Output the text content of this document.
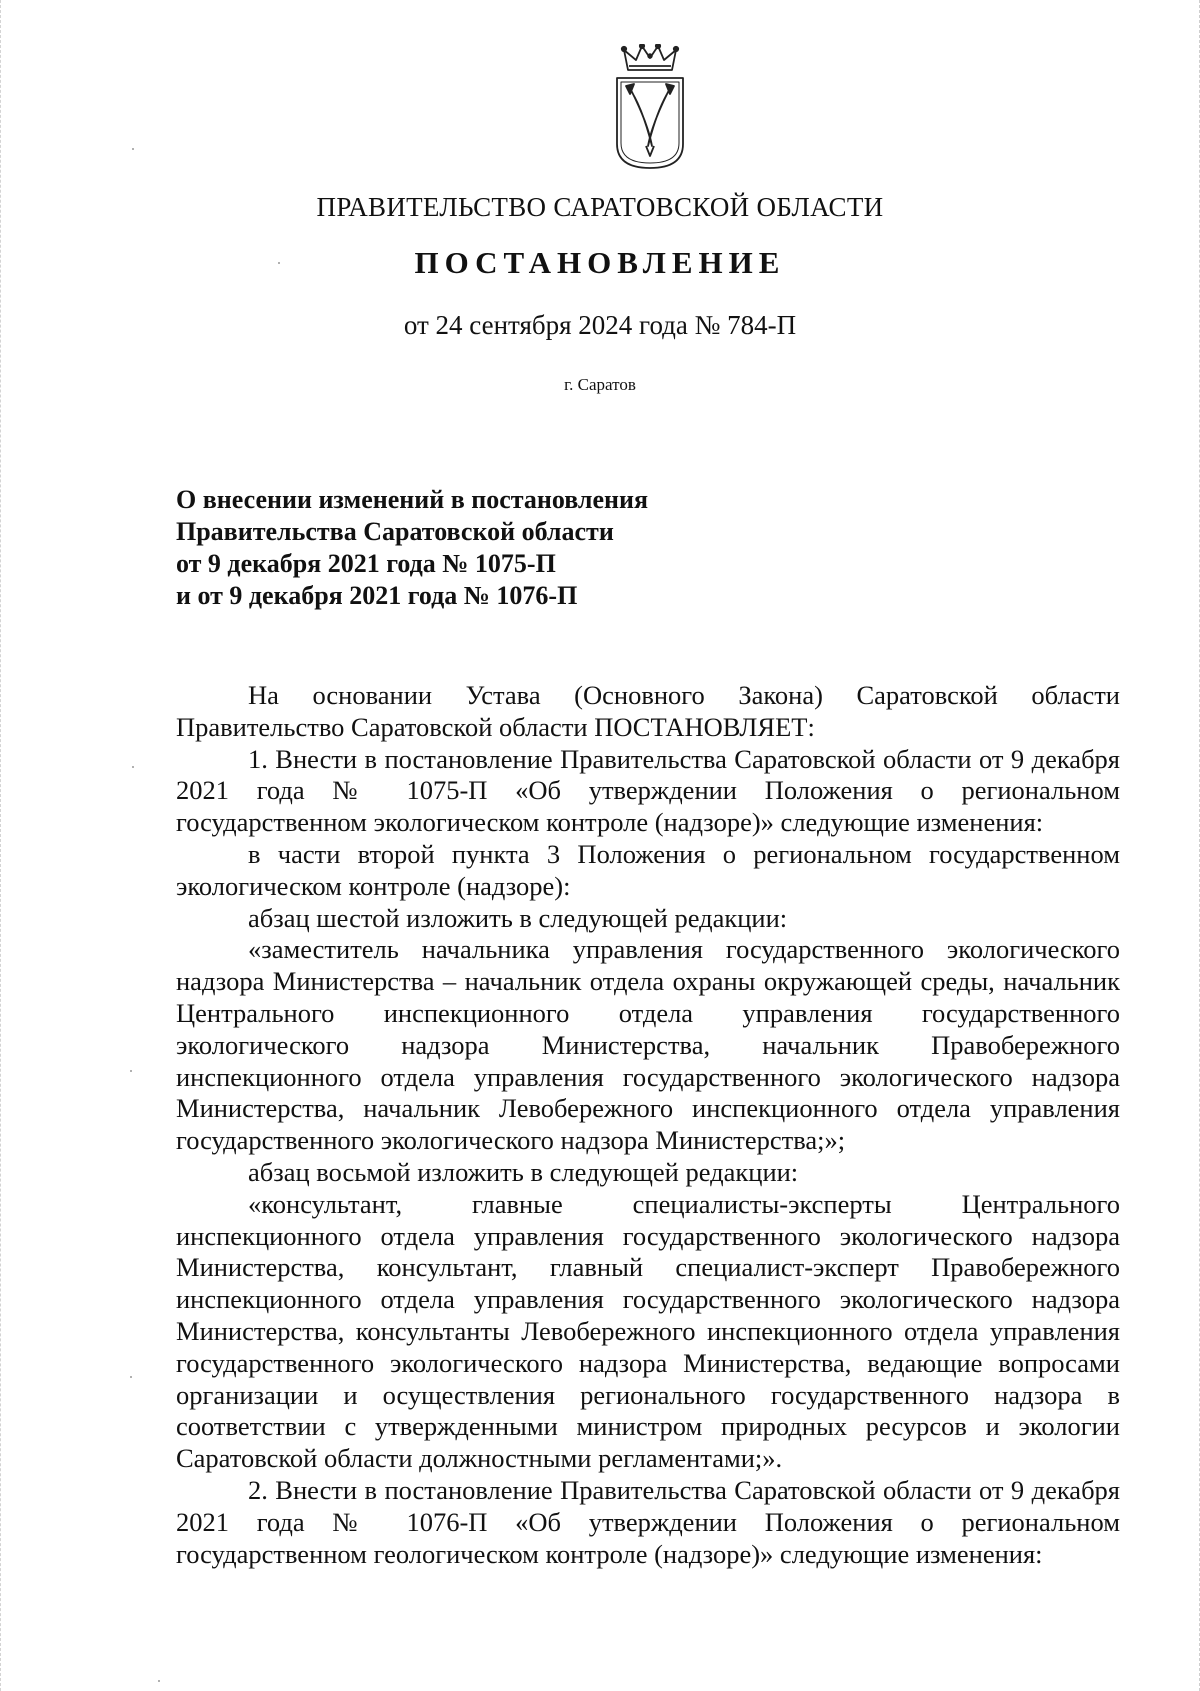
ПРАВИТЕЛЬСТВО САРАТОВСКОЙ ОБЛАСТИ
ПОСТАНОВЛЕНИЕ
от 24 сентября 2024 года № 784-П
г. Саратов
О внесении изменений в постановления
Правительства Саратовской области
от 9 декабря 2021 года № 1075-П
и от 9 декабря 2021 года № 1076-П

На основании Устава (Основного Закона) Саратовской области Правительство Саратовской области ПОСТАНОВЛЯЕТ:

1. Внести в постановление Правительства Саратовской области от 9 декабря 2021 года № 1075-П «Об утверждении Положения о региональном государственном экологическом контроле (надзоре)» следующие изменения:

в части второй пункта 3 Положения о региональном государственном экологическом контроле (надзоре):

абзац шестой изложить в следующей редакции:

«заместитель начальника управления государственного экологического надзора Министерства – начальник отдела охраны окружающей среды, начальник Центрального инспекционного отдела управления государственного экологического надзора Министерства, начальник Правобережного инспекционного отдела управления государственного экологического надзора Министерства, начальник Левобережного инспекционного отдела управления государственного экологического надзора Министерства;»;

абзац восьмой изложить в следующей редакции:

«консультант, главные специалисты-эксперты Центрального инспекционного отдела управления государственного экологического надзора Министерства, консультант, главный специалист-эксперт Правобережного инспекционного отдела управления государственного экологического надзора Министерства, консультанты Левобережного инспекционного отдела управления государственного экологического надзора Министерства, ведающие вопросами организации и осуществления регионального государственного надзора в соответствии с утвержденными министром природных ресурсов и экологии Саратовской области должностными регламентами;».

2. Внести в постановление Правительства Саратовской области от 9 декабря 2021 года № 1076-П «Об утверждении Положения о региональном государственном геологическом контроле (надзоре)» следующие изменения:
